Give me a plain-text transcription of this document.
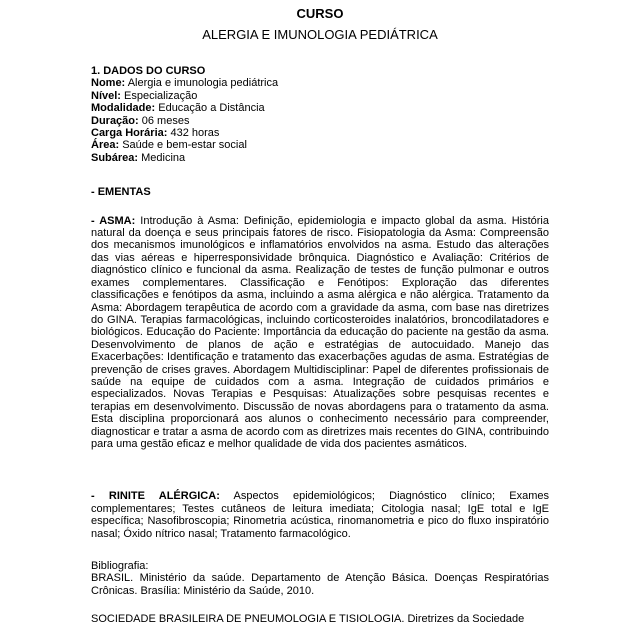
CURSO
ALERGIA E IMUNOLOGIA PEDIÁTRICA

1. DADOS DO CURSO

Nome: Alergia e imunologia pediátrica

Nível: Especialização

Modalidade: Educação a Distância

Duração: 06 meses

Carga Horária: 432 horas

Área: Saúde e bem-estar social

Subárea: Medicina

- EMENTAS

- ASMA: Introdução à Asma: Definição, epidemiologia e impacto global da asma. História natural da doença e seus principais fatores de risco. Fisiopatologia da Asma: Compreensão dos mecanismos imunológicos e inflamatórios envolvidos na asma. Estudo das alterações das vias aéreas e hiperresponsividade brônquica. Diagnóstico e Avaliação: Critérios de diagnóstico clínico e funcional da asma. Realização de testes de função pulmonar e outros exames complementares. Classificação e Fenótipos: Exploração das diferentes classificações e fenótipos da asma, incluindo a asma alérgica e não alérgica. Tratamento da Asma: Abordagem terapêutica de acordo com a gravidade da asma, com base nas diretrizes do GINA. Terapias farmacológicas, incluindo corticosteroides inalatórios, broncodilatadores e biológicos. Educação do Paciente: Importância da educação do paciente na gestão da asma. Desenvolvimento de planos de ação e estratégias de autocuidado. Manejo das Exacerbações: Identificação e tratamento das exacerbações agudas de asma. Estratégias de prevenção de crises graves. Abordagem Multidisciplinar: Papel de diferentes profissionais de saúde na equipe de cuidados com a asma. Integração de cuidados primários e especializados. Novas Terapias e Pesquisas: Atualizações sobre pesquisas recentes e terapias em desenvolvimento. Discussão de novas abordagens para o tratamento da asma. Esta disciplina proporcionará aos alunos o conhecimento necessário para compreender, diagnosticar e tratar a asma de acordo com as diretrizes mais recentes do GINA, contribuindo para uma gestão eficaz e melhor qualidade de vida dos pacientes asmáticos.

- RINITE ALÉRGICA: Aspectos epidemiológicos; Diagnóstico clínico; Exames complementares; Testes cutâneos de leitura imediata; Citologia nasal; IgE total e IgE específica; Nasofibroscopia; Rinometria acústica, rinomanometria e pico do fluxo inspiratório nasal; Óxido nítrico nasal; Tratamento farmacológico.

Bibliografia:

BRASIL. Ministério da saúde. Departamento de Atenção Básica. Doenças Respiratórias Crônicas. Brasília: Ministério da Saúde, 2010.

SOCIEDADE BRASILEIRA DE PNEUMOLOGIA E TISIOLOGIA. Diretrizes da Sociedade
